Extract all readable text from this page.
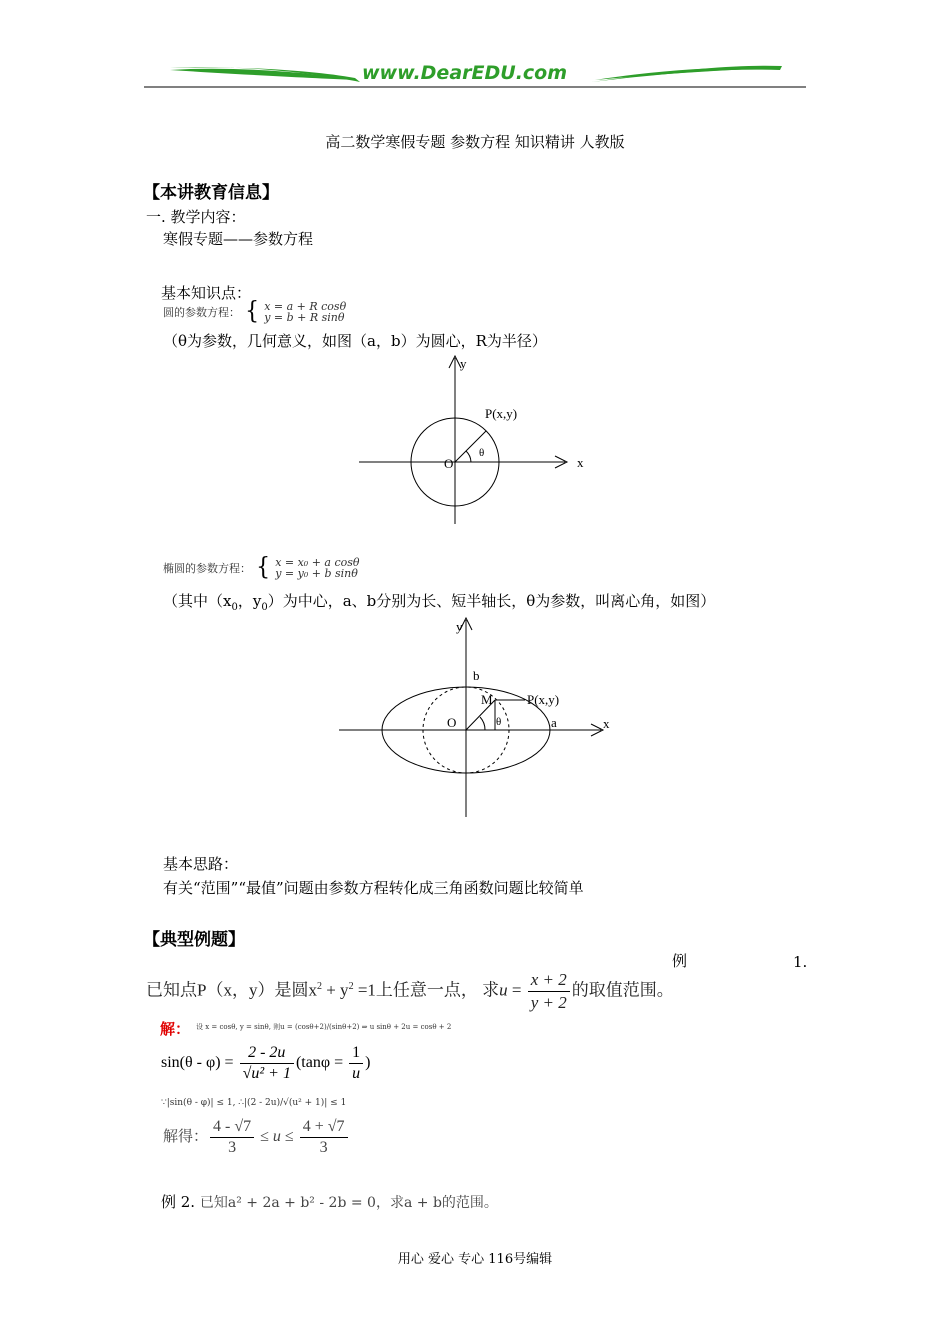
www.DearEDU.com
高二数学寒假专题 参数方程 知识精讲 人教版
【本讲教育信息】
一. 教学内容：
寒假专题——参数方程
基本知识点：
圆的参数方程： { x = a + R cosθ
y = b + R sinθ
（θ为参数，几何意义，如图（a，b）为圆心，R为半径）
y
x
O
P(x,y)
θ
椭圆的参数方程： { x = x₀ + a cosθ
y = y₀ + b sinθ
（其中（$x_0$，$y_0$）为中心，a、b分别为长、短半轴长，θ为参数，叫离心角，如图）
y
x
O
b
a
M	P(x,y)
θ
基本思路：
有关“范围”“最值”问题由参数方程转化成三角函数问题比较简单
【典型例题】
例	1.
已知点P（x，y）是圆$x^2 + y^2 =1$上任意一点， 求$u = \frac{x + 2}{y + 2}$ 的取值范围。
解： 设 x = cosθ, y = sinθ, 则u = (cosθ+2)/(sinθ+2) ⇒ u sinθ + 2u = cosθ + 2
$\sin(\theta - \varphi) = \frac{2 - 2u}{\text{√u² + 1}} (\tan\varphi = \frac{1}{u}$ )
∵|sin(θ - φ)| ≤ 1, ∴|(2 - 2u)/√(u² + 1)| ≤ 1
解得： $\frac{4 - √7}{3} \le u \le \frac{4 + √7}{3}$
例 2. 已知a² + 2a + b² - 2b = 0，求a + b的范围。
用心 爱心 专心 116号编辑
